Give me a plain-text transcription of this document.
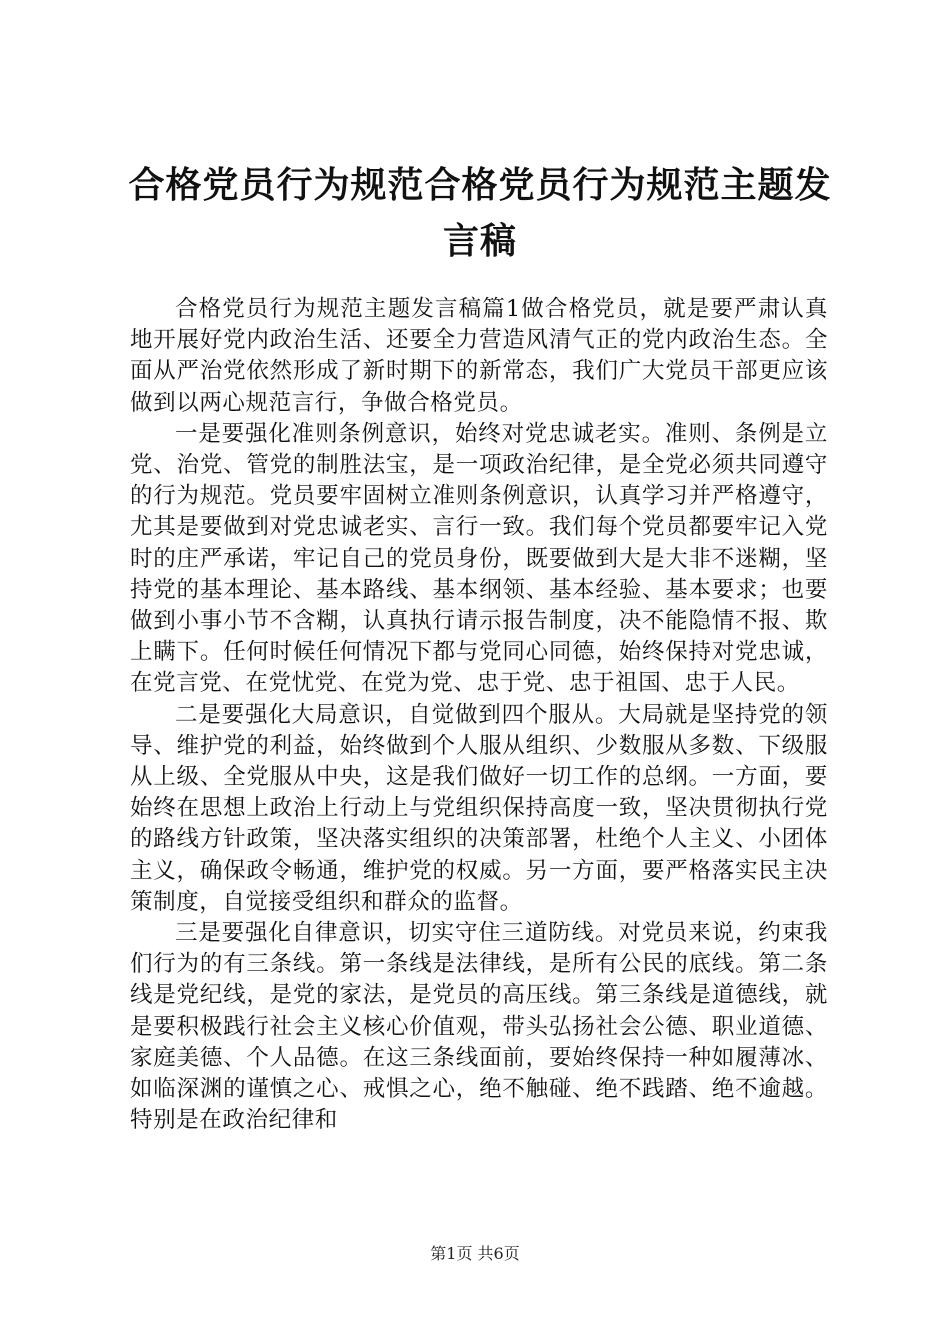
合格党员行为规范合格党员行为规范主题发言稿

合格党员行为规范主题发言稿篇1做合格党员，就是要严肃认真地开展好党内政治生活、还要全力营造风清气正的党内政治生态。全面从严治党依然形成了新时期下的新常态，我们广大党员干部更应该做到以两心规范言行，争做合格党员。

一是要强化准则条例意识，始终对党忠诚老实。准则、条例是立党、治党、管党的制胜法宝，是一项政治纪律，是全党必须共同遵守的行为规范。党员要牢固树立准则条例意识，认真学习并严格遵守，尤其是要做到对党忠诚老实、言行一致。我们每个党员都要牢记入党时的庄严承诺，牢记自己的党员身份，既要做到大是大非不迷糊，坚持党的基本理论、基本路线、基本纲领、基本经验、基本要求；也要做到小事小节不含糊，认真执行请示报告制度，决不能隐情不报、欺上瞒下。任何时候任何情况下都与党同心同德，始终保持对党忠诚，在党言党、在党忧党、在党为党、忠于党、忠于祖国、忠于人民。

二是要强化大局意识，自觉做到四个服从。大局就是坚持党的领导、维护党的利益，始终做到个人服从组织、少数服从多数、下级服从上级、全党服从中央，这是我们做好一切工作的总纲。一方面，要始终在思想上政治上行动上与党组织保持高度一致，坚决贯彻执行党的路线方针政策，坚决落实组织的决策部署，杜绝个人主义、小团体主义，确保政令畅通，维护党的权威。另一方面，要严格落实民主决策制度，自觉接受组织和群众的监督。

三是要强化自律意识，切实守住三道防线。对党员来说，约束我们行为的有三条线。第一条线是法律线，是所有公民的底线。第二条线是党纪线，是党的家法，是党员的高压线。第三条线是道德线，就是要积极践行社会主义核心价值观，带头弘扬社会公德、职业道德、家庭美德、个人品德。在这三条线面前，要始终保持一种如履薄冰、如临深渊的谨慎之心、戒惧之心，绝不触碰、绝不践踏、绝不逾越。特别是在政治纪律和

第1页 共6页
